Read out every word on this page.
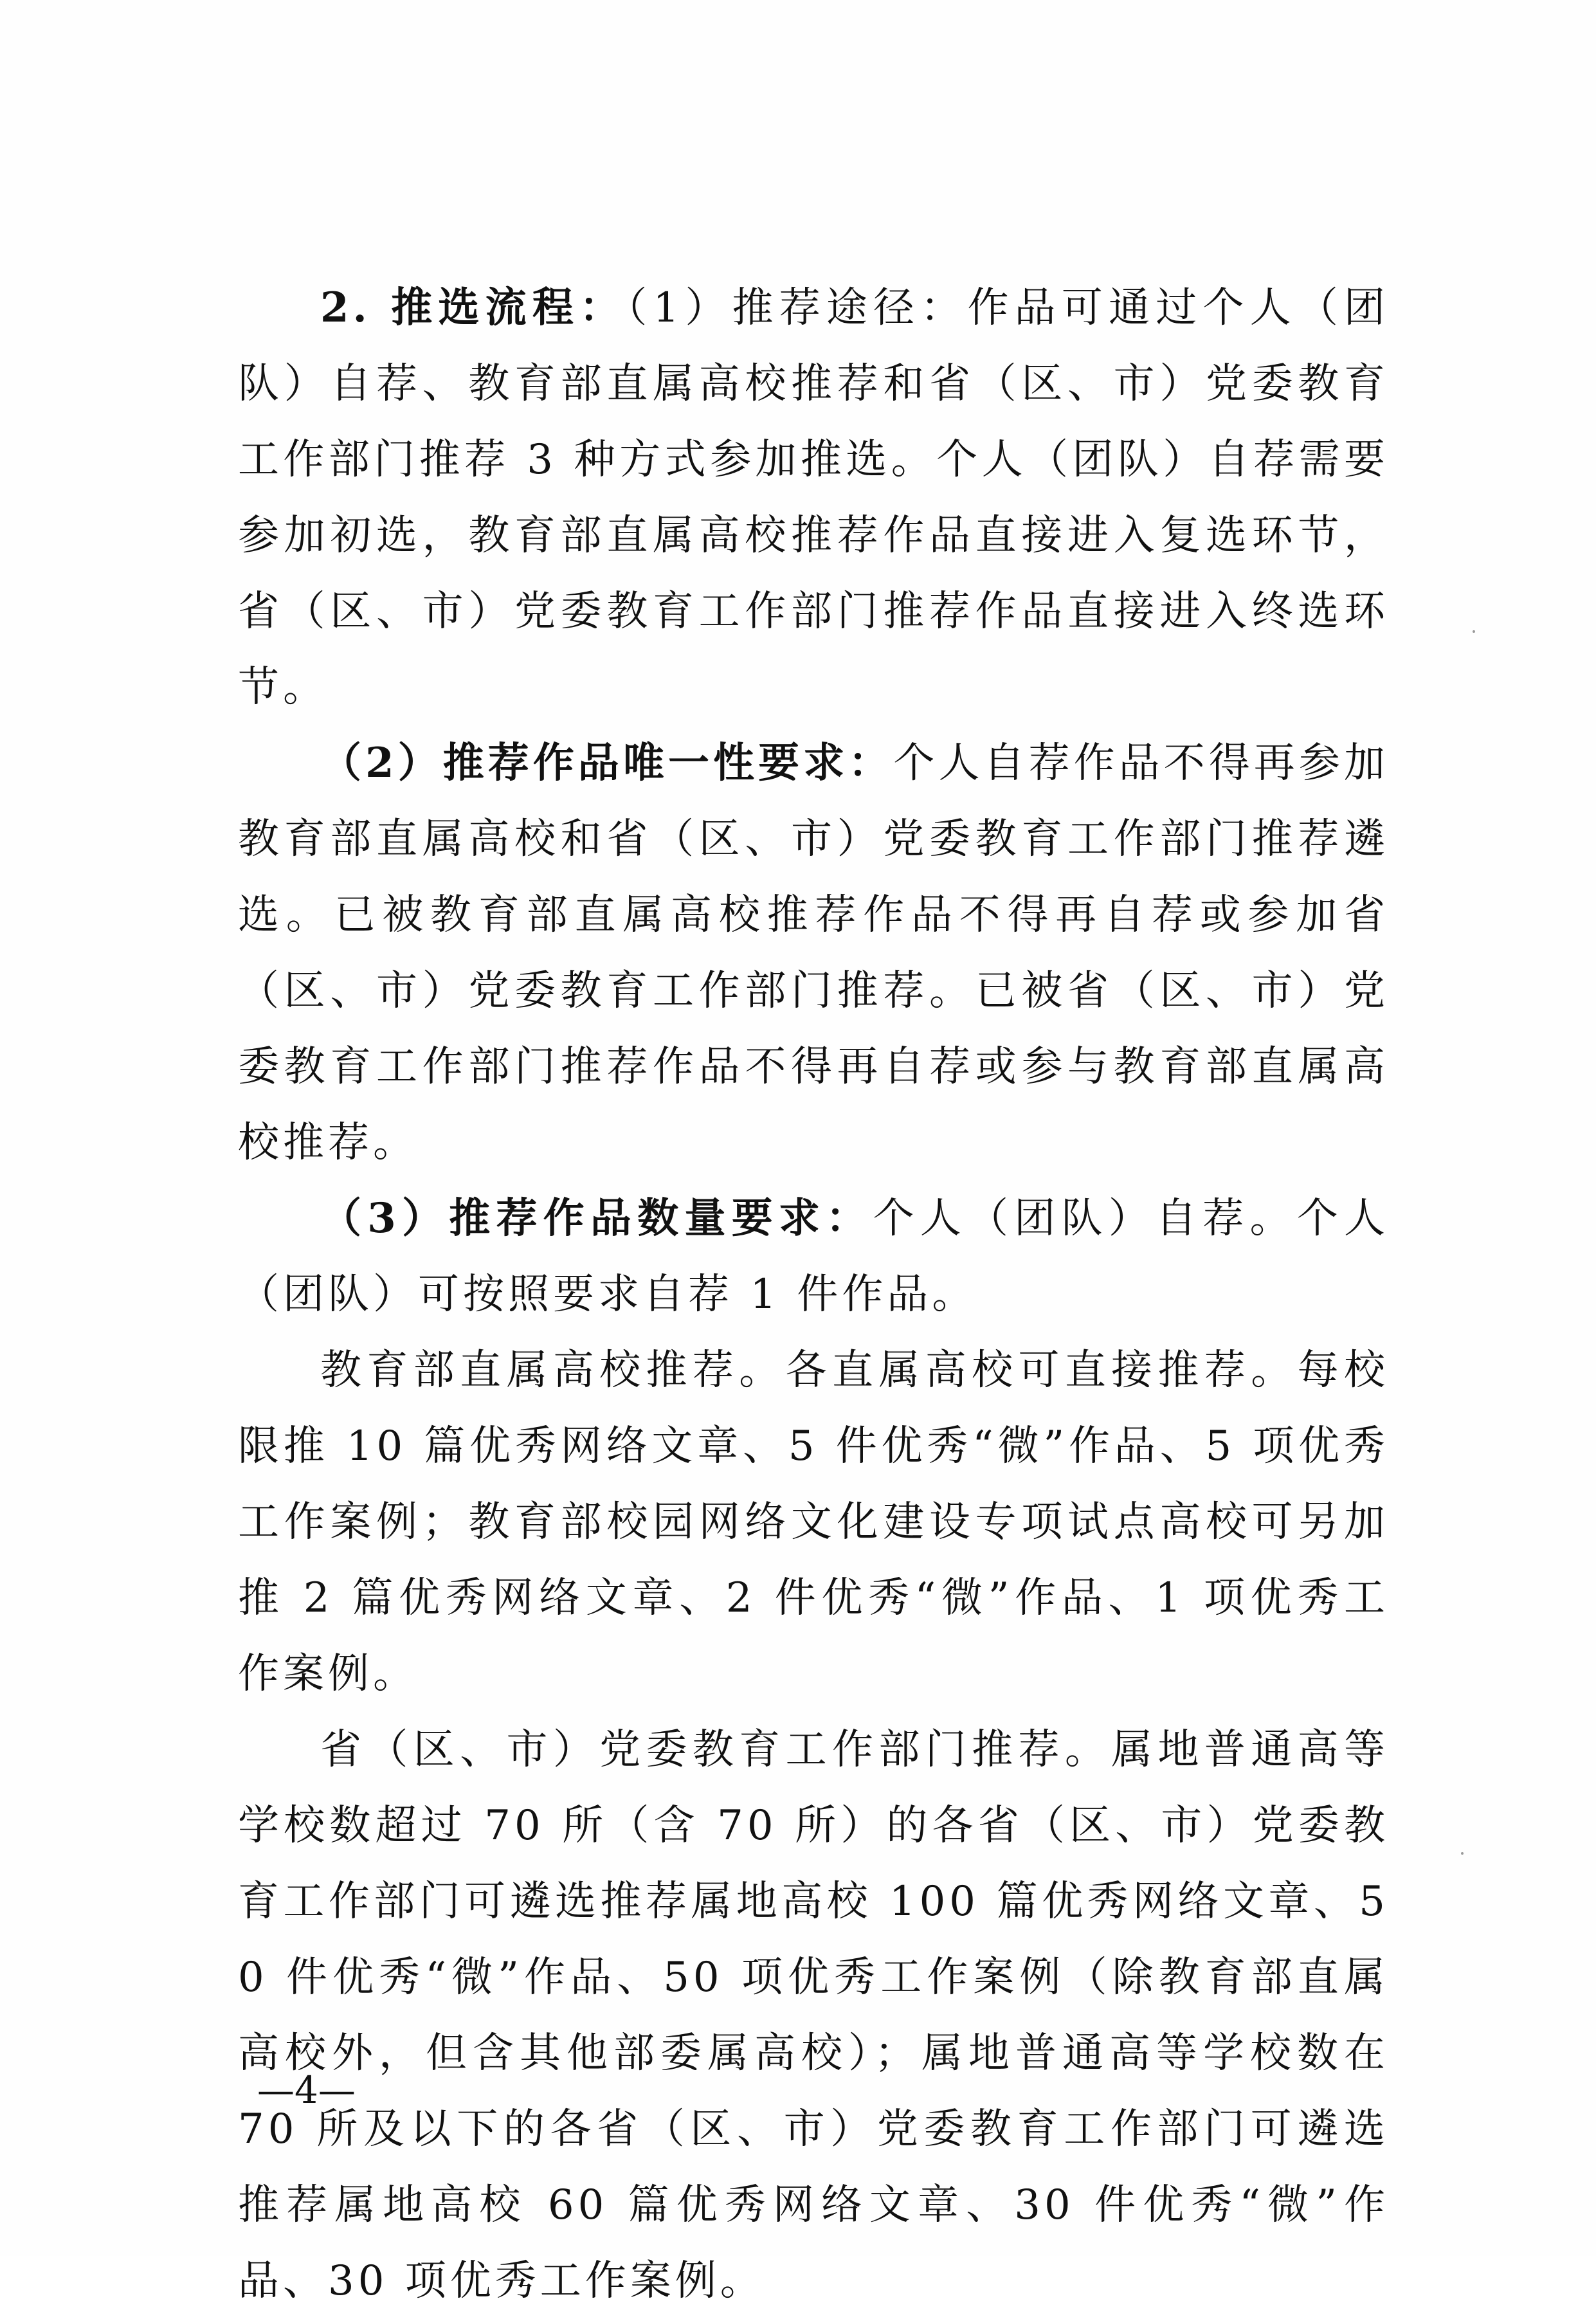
2. 推选流程：（1）推荐途径：作品可通过个人（团队）自荐、教育部直属高校推荐和省（区、市）党委教育工作部门推荐 3 种方式参加推选。个人（团队）自荐需要参加初选，教育部直属高校推荐作品直接进入复选环节，省（区、市）党委教育工作部门推荐作品直接进入终选环节。

（2）推荐作品唯一性要求：个人自荐作品不得再参加教育部直属高校和省（区、市）党委教育工作部门推荐遴选。已被教育部直属高校推荐作品不得再自荐或参加省（区、市）党委教育工作部门推荐。已被省（区、市）党委教育工作部门推荐作品不得再自荐或参与教育部直属高校推荐。

（3）推荐作品数量要求：个人（团队）自荐。个人（团队）可按照要求自荐 1 件作品。

教育部直属高校推荐。各直属高校可直接推荐。每校限推 10 篇优秀网络文章、5 件优秀“微”作品、5 项优秀工作案例；教育部校园网络文化建设专项试点高校可另加推 2 篇优秀网络文章、2 件优秀“微”作品、1 项优秀工作案例。

省（区、市）党委教育工作部门推荐。属地普通高等学校数超过 70 所（含 70 所）的各省（区、市）党委教育工作部门可遴选推荐属地高校 100 篇优秀网络文章、50 件优秀“微”作品、50 项优秀工作案例（除教育部直属高校外，但含其他部委属高校）；属地普通高等学校数在 70 所及以下的各省（区、市）党委教育工作部门可遴选推荐属地高校 60 篇优秀网络文章、30 件优秀“微”作品、30 项优秀工作案例。

—4—
